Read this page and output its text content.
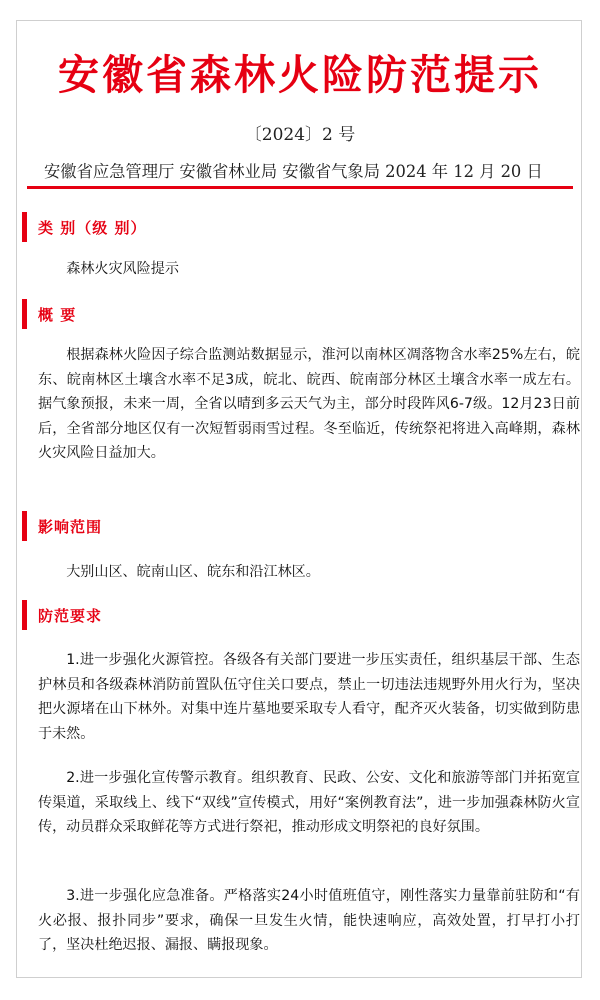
安徽省森林火险防范提示
〔2024〕2 号
安徽省应急管理厅 安徽省林业局 安徽省气象局 2024 年 12 月 20 日
类 别（级 别）

森林火灾风险提示

概 要

根据森林火险因子综合监测站数据显示，淮河以南林区凋落物含水率25%左右，皖东、皖南林区土壤含水率不足3成，皖北、皖西、皖南部分林区土壤含水率一成左右。据气象预报，未来一周，全省以晴到多云天气为主，部分时段阵风6-7级。12月23日前后，全省部分地区仅有一次短暂弱雨雪过程。冬至临近，传统祭祀将进入高峰期，森林火灾风险日益加大。

影响范围

大别山区、皖南山区、皖东和沿江林区。

防范要求

1.进一步强化火源管控。各级各有关部门要进一步压实责任，组织基层干部、生态护林员和各级森林消防前置队伍守住关口要点，禁止一切违法违规野外用火行为，坚决把火源堵在山下林外。对集中连片墓地要采取专人看守，配齐灭火装备，切实做到防患于未然。

2.进一步强化宣传警示教育。组织教育、民政、公安、文化和旅游等部门并拓宽宣传渠道，采取线上、线下“双线”宣传模式，用好“案例教育法”，进一步加强森林防火宣传，动员群众采取鲜花等方式进行祭祀，推动形成文明祭祀的良好氛围。

3.进一步强化应急准备。严格落实24小时值班值守，刚性落实力量靠前驻防和“有火必报、报扑同步”要求，确保一旦发生火情，能快速响应，高效处置，打早打小打了，坚决杜绝迟报、漏报、瞒报现象。
